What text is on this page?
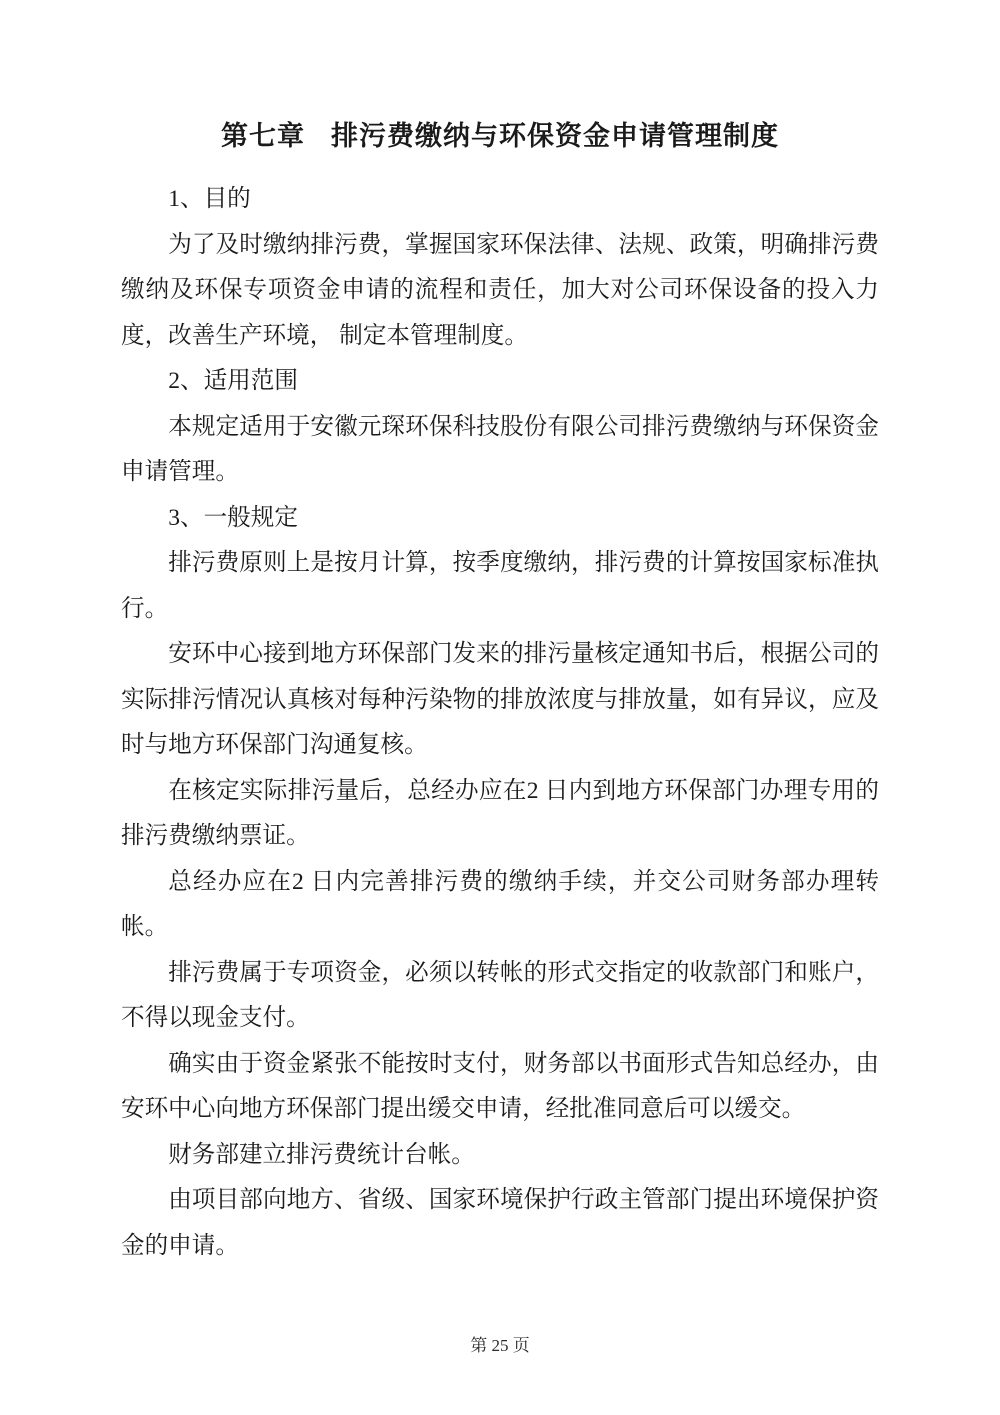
第七章 排污费缴纳与环保资金申请管理制度

1、目的

为了及时缴纳排污费，掌握国家环保法律、法规、政策，明确排污费缴纳及环保专项资金申请的流程和责任，加大对公司环保设备的投入力度，改善生产环境， 制定本管理制度。

2、适用范围

本规定适用于安徽元琛环保科技股份有限公司排污费缴纳与环保资金申请管理。

3、一般规定

排污费原则上是按月计算，按季度缴纳，排污费的计算按国家标准执行。

安环中心接到地方环保部门发来的排污量核定通知书后，根据公司的实际排污情况认真核对每种污染物的排放浓度与排放量，如有异议，应及时与地方环保部门沟通复核。

在核定实际排污量后，总经办应在2 日内到地方环保部门办理专用的排污费缴纳票证。

总经办应在2 日内完善排污费的缴纳手续，并交公司财务部办理转帐。

排污费属于专项资金，必须以转帐的形式交指定的收款部门和账户，不得以现金支付。

确实由于资金紧张不能按时支付，财务部以书面形式告知总经办，由安环中心向地方环保部门提出缓交申请，经批准同意后可以缓交。

财务部建立排污费统计台帐。

由项目部向地方、省级、国家环境保护行政主管部门提出环境保护资金的申请。

第 25 页
